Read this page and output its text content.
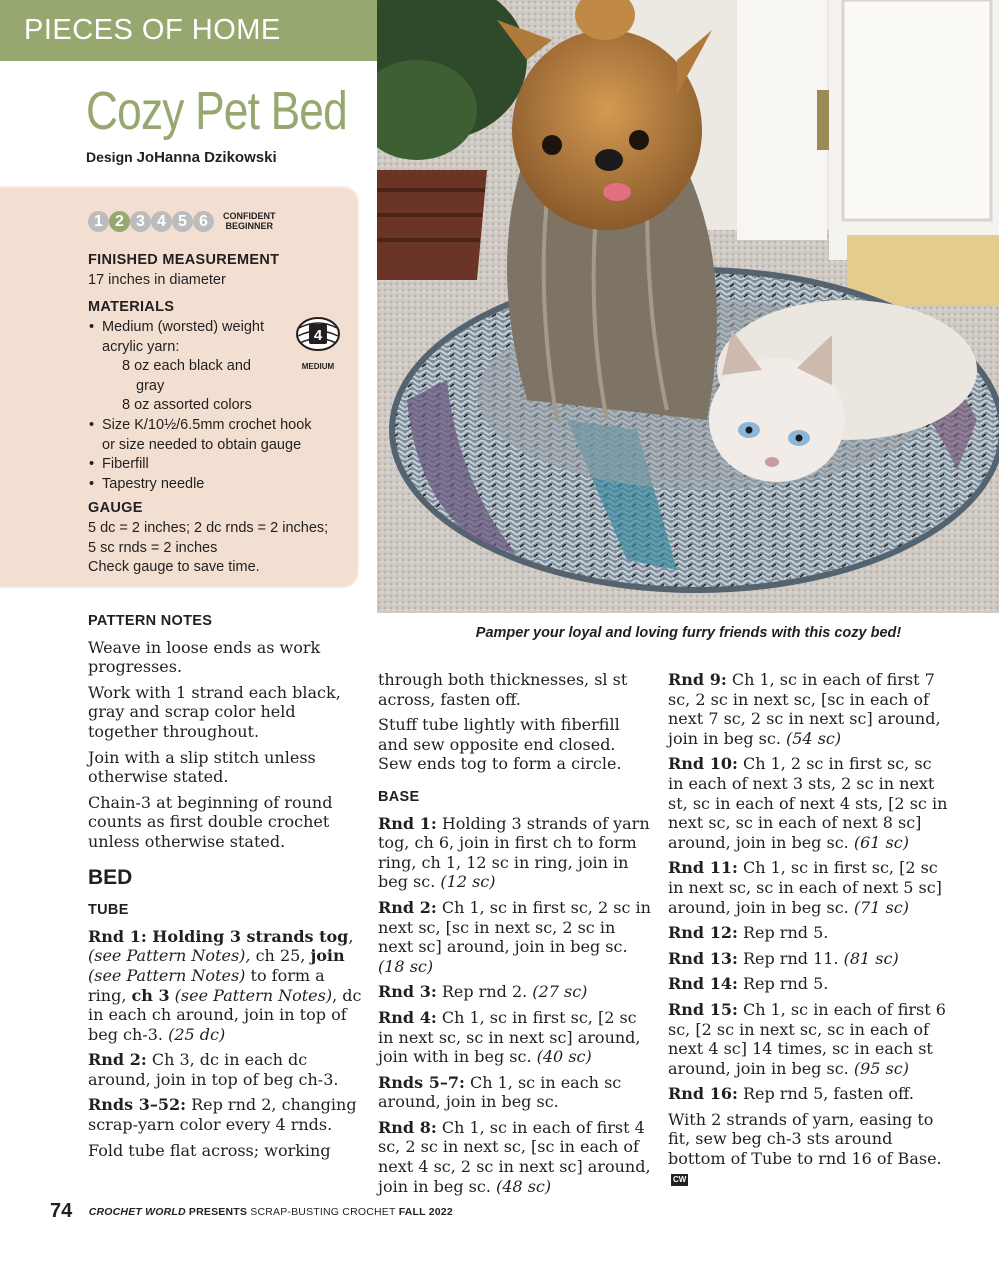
PIECES OF HOME
Cozy Pet Bed
Design JoHanna Dzikowski
1 2 3 4 5 6	CONFIDENT
BEGINNER
FINISHED MEASUREMENT
17 inches in diameter
MATERIALS
• Medium (worsted) weight
acrylic yarn:
8 oz each black and
gray
8 oz assorted colors
• Size K/10½/6.5mm crochet hook
or size needed to obtain gauge
• Fiberfill
• Tapestry needle
4
MEDIUM
GAUGE
5 dc = 2 inches; 2 dc rnds = 2 inches;
5 sc rnds = 2 inches
Check gauge to save time.
Pamper your loyal and loving furry friends with this cozy bed!

PATTERN NOTES

Weave in loose ends as work progresses.

Work with 1 strand each black, gray and scrap color held together throughout.

Join with a slip stitch unless otherwise stated.

Chain-3 at beginning of round counts as first double crochet unless otherwise stated.

BED

TUBE

Rnd 1: Holding 3 strands tog, (see Pattern Notes), ch 25, join (see Pattern Notes) to form a ring, ch 3 (see Pattern Notes), dc in each ch around, join in top of beg ch-3. (25 dc)

Rnd 2: Ch 3, dc in each dc around, join in top of beg ch-3.

Rnds 3–52: Rep rnd 2, changing scrap-yarn color every 4 rnds.

Fold tube flat across; working

through both thicknesses, sl st across, fasten off.

Stuff tube lightly with fiberfill and sew opposite end closed. Sew ends tog to form a circle.

BASE

Rnd 1: Holding 3 strands of yarn tog, ch 6, join in first ch to form ring, ch 1, 12 sc in ring, join in beg sc. (12 sc)

Rnd 2: Ch 1, sc in first sc, 2 sc in next sc, [sc in next sc, 2 sc in next sc] around, join in beg sc. (18 sc)

Rnd 3: Rep rnd 2. (27 sc)

Rnd 4: Ch 1, sc in first sc, [2 sc in next sc, sc in next sc] around, join with in beg sc. (40 sc)

Rnds 5–7: Ch 1, sc in each sc around, join in beg sc.

Rnd 8: Ch 1, sc in each of first 4 sc, 2 sc in next sc, [sc in each of next 4 sc, 2 sc in next sc] around, join in beg sc. (48 sc)

Rnd 9: Ch 1, sc in each of first 7 sc, 2 sc in next sc, [sc in each of next 7 sc, 2 sc in next sc] around, join in beg sc. (54 sc)

Rnd 10: Ch 1, 2 sc in first sc, sc in each of next 3 sts, 2 sc in next st, sc in each of next 4 sts, [2 sc in next sc, sc in each of next 8 sc] around, join in beg sc. (61 sc)

Rnd 11: Ch 1, sc in first sc, [2 sc in next sc, sc in each of next 5 sc] around, join in beg sc. (71 sc)

Rnd 12: Rep rnd 5.

Rnd 13: Rep rnd 11. (81 sc)

Rnd 14: Rep rnd 5.

Rnd 15: Ch 1, sc in each of first 6 sc, [2 sc in next sc, sc in each of next 4 sc] 14 times, sc in each st around, join in beg sc. (95 sc)

Rnd 16: Rep rnd 5, fasten off.

With 2 strands of yarn, easing to fit, sew beg ch-3 sts around bottom of Tube to rnd 16 of Base.CW

74 CROCHET WORLD PRESENTS SCRAP-BUSTING CROCHET FALL 2022
